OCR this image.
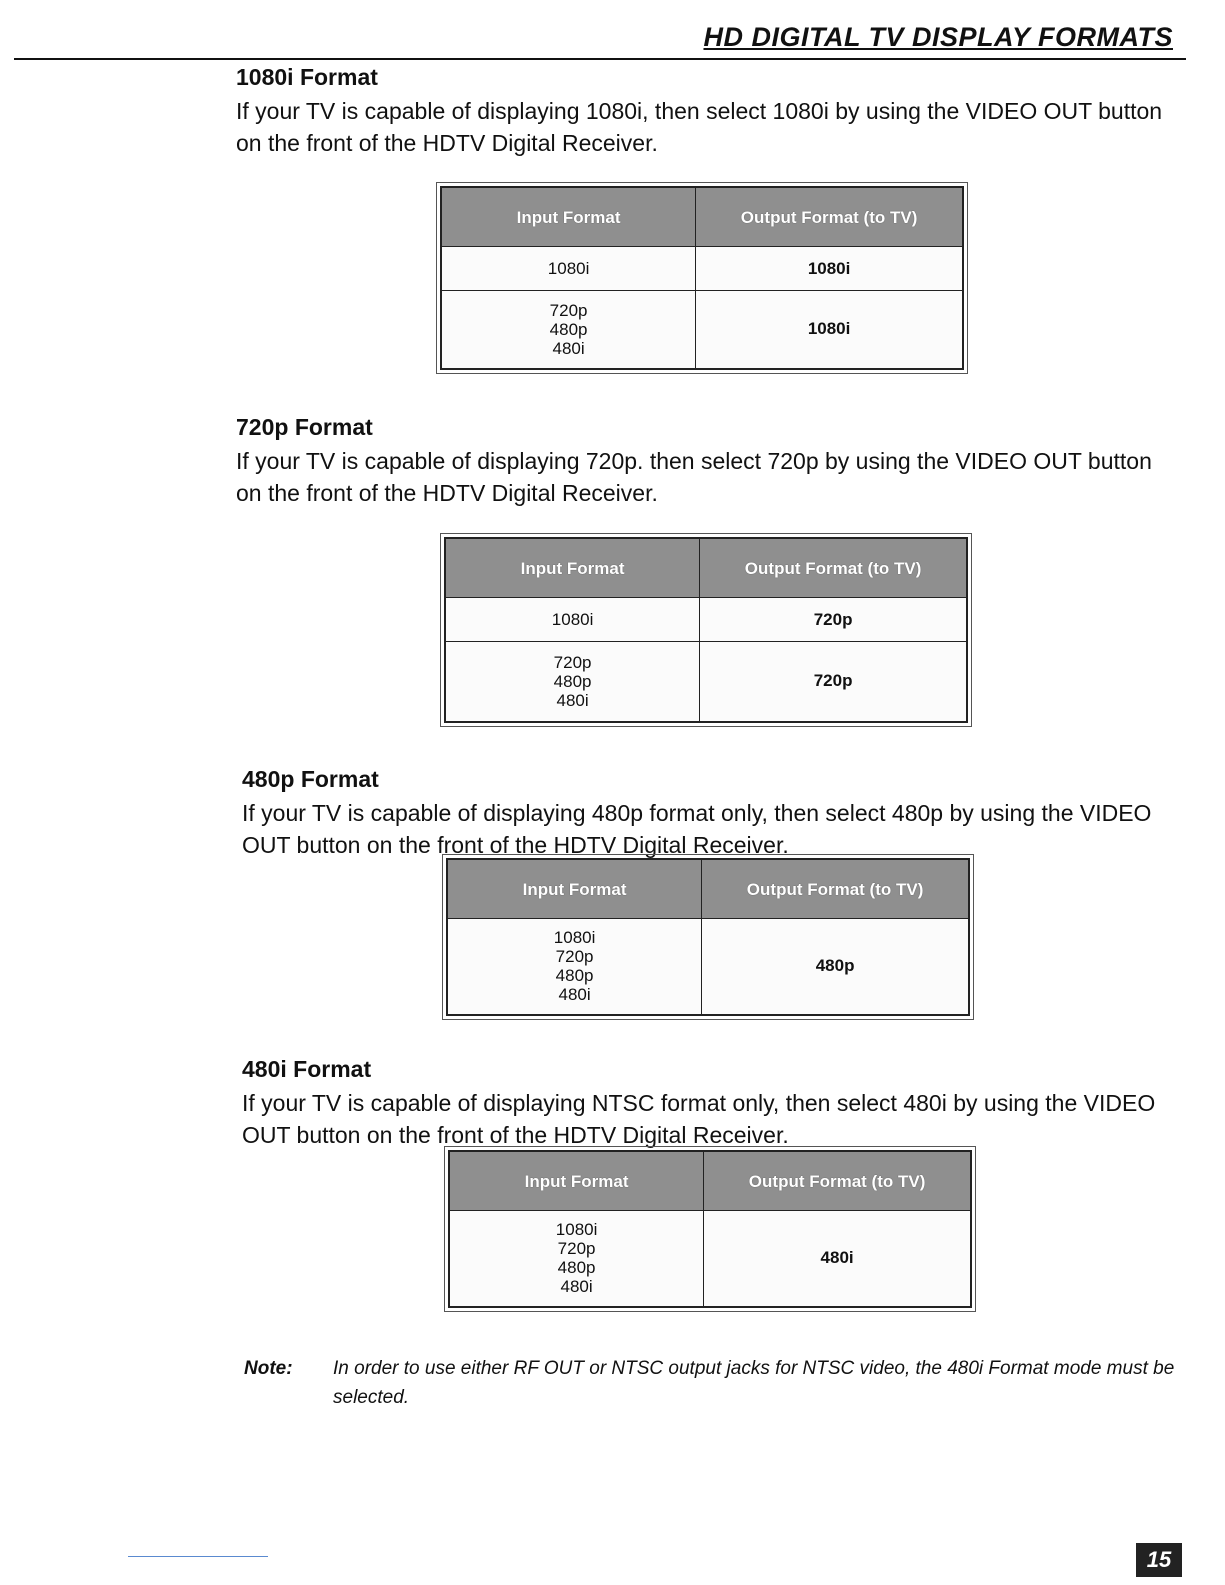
HD DIGITAL TV DISPLAY FORMATS
1080i Format

If your TV is capable of displaying 1080i, then select 1080i by using the VIDEO OUT button on the front of the HDTV Digital Receiver.

Input Format	Output Format (to TV)

1080i	1080i

720p
480p
480i	1080i
720p Format

If your TV is capable of displaying 720p. then select 720p by using the VIDEO OUT button on the front of the HDTV Digital Receiver.

Input Format	Output Format (to TV)

1080i	720p

720p
480p
480i	720p
480p Format

If your TV is capable of displaying 480p format only, then select 480p by using the VIDEO OUT button on the front of the HDTV Digital Receiver.

Input Format	Output Format (to TV)

1080i
720p
480p
480i	480p
480i Format

If your TV is capable of displaying NTSC format only, then select 480i by using the VIDEO OUT button on the front of the HDTV Digital Receiver.

Input Format	Output Format (to TV)

1080i
720p
480p
480i	480i
Note: In order to use either RF OUT or NTSC output jacks for NTSC video, the 480i Format mode must be selected.
15
